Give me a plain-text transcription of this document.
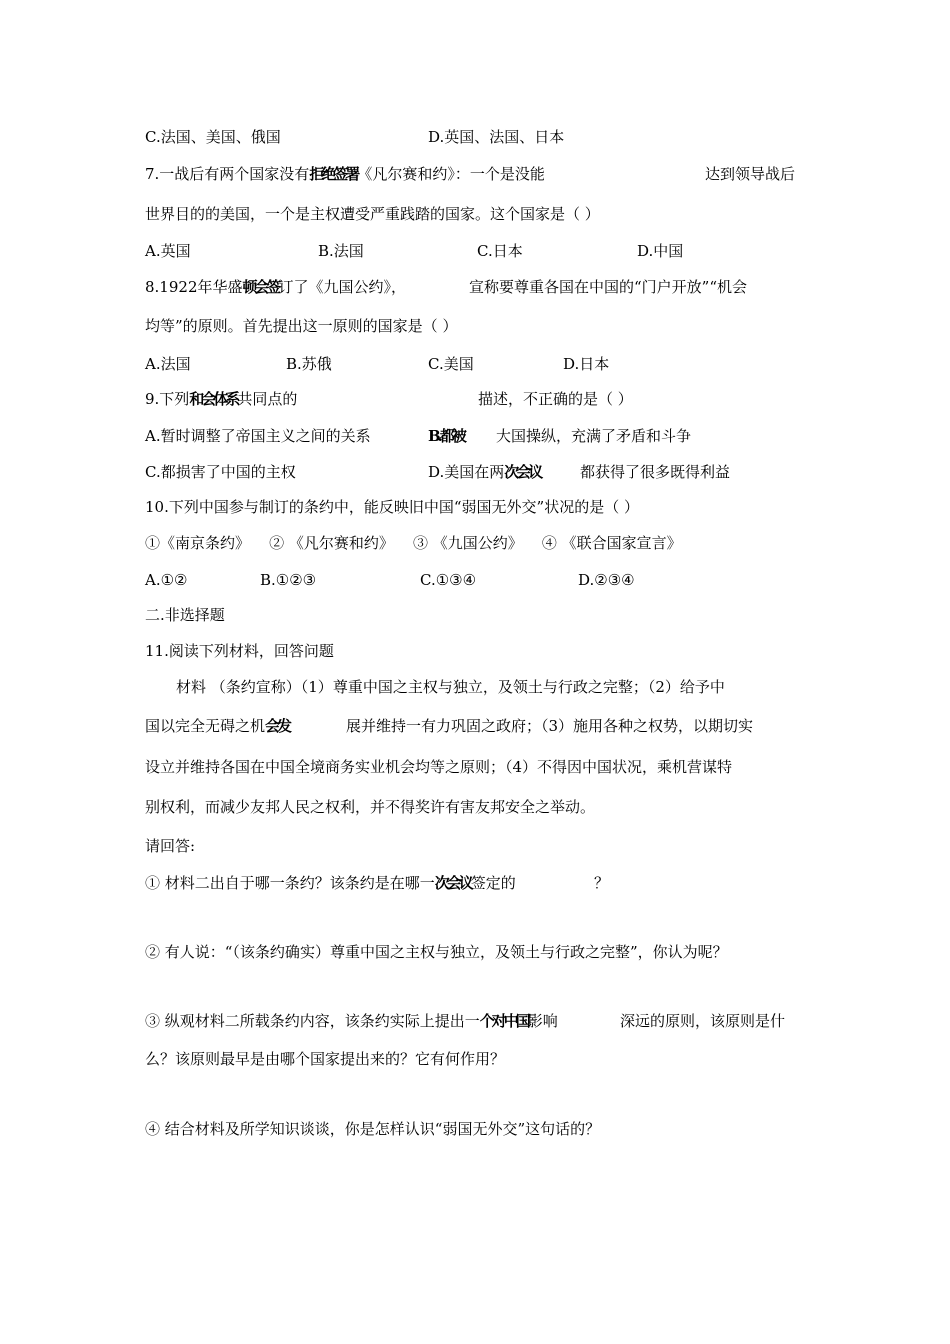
C.法国、美国、俄国	D.英国、法国、日本
7.一战后有两个国家没有拒绝签署《凡尔赛和约》：一个是没能	达到领导战后
世界目的的美国，一个是主权遭受严重践踏的国家。这个国家是（ ）
A.英国	B.法国	C.日本	D.中国
8.1922年华盛顿会签订了《九国公约》，	宣称要尊重各国在中国的“门户开放”“机会
均等”的原则。首先提出这一原则的国家是（ ）
A.法国	B.苏俄	C.美国	D.日本
9.下列和会体系共同点的	描述，不正确的是（ ）
A.暂时调整了帝国主义之间的关系	B.都被 大国操纵，充满了矛盾和斗争
C.都损害了中国的主权	D.美国在两次会议	都获得了很多既得利益
10.下列中国参与制订的条约中，能反映旧中国“弱国无外交”状况的是（ ）
①《南京条约》 ② 《凡尔赛和约》 ③ 《九国公约》 ④ 《联合国家宣言》
A.①②	B.①②③	C.①③④	D.②③④
二.非选择题
11.阅读下列材料，回答问题
材料 （条约宣称）（1）尊重中国之主权与独立，及领土与行政之完整；（2）给予中
国以完全无碍之机会发	展并维持一有力巩固之政府；（3）施用各种之权势，以期切实
设立并维持各国在中国全境商务实业机会均等之原则；（4）不得因中国状况，乘机营谋特
别权利，而减少友邦人民之权利，并不得奖许有害友邦安全之举动。
请回答:
① 材料二出自于哪一条约？该条约是在哪一次会议签定的	？
② 有人说：“（该条约确实）尊重中国之主权与独立，及领土与行政之完整”，你认为呢？
③ 纵观材料二所载条约内容，该条约实际上提出一个对中国影响	深远的原则，该原则是什
么？该原则最早是由哪个国家提出来的？它有何作用？
④ 结合材料及所学知识谈谈，你是怎样认识“弱国无外交”这句话的？
